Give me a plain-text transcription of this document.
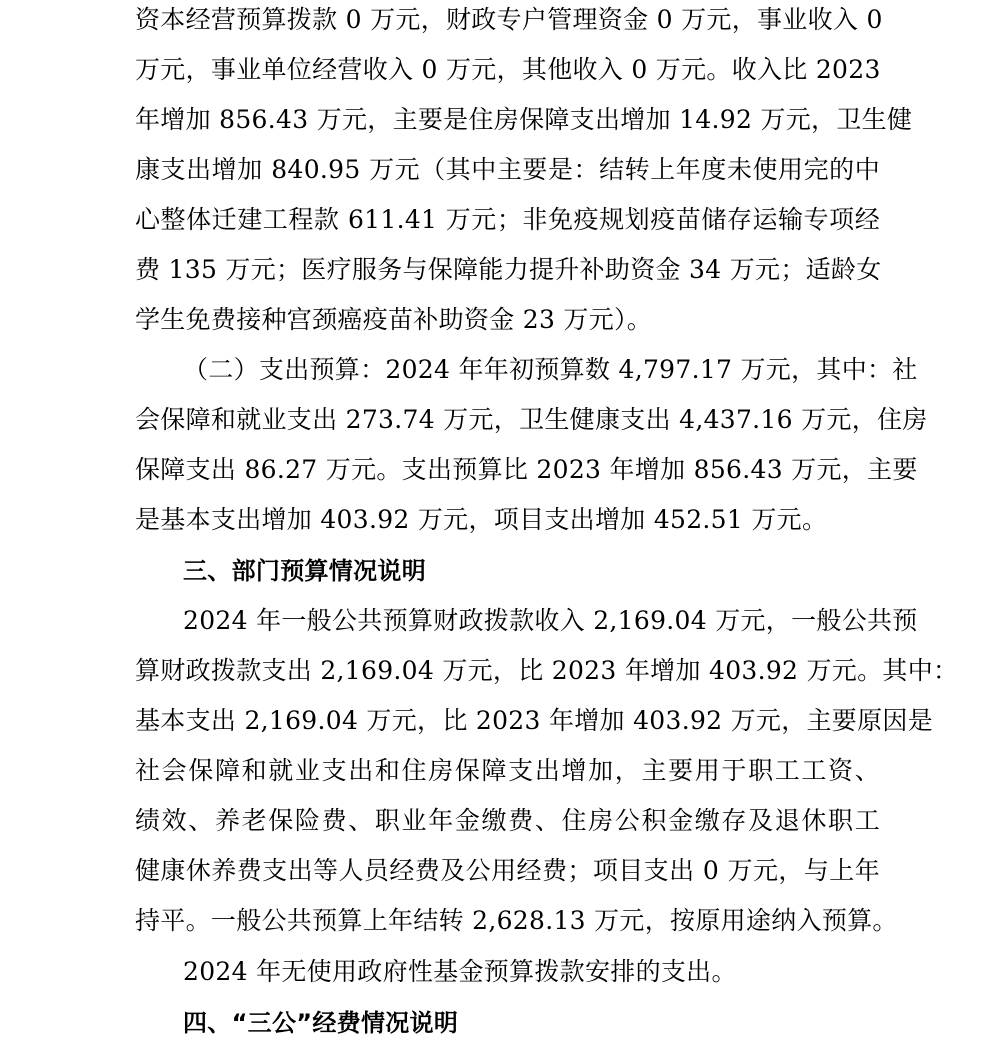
资本经营预算拨款 0 万元，财政专户管理资金 0 万元，事业收入 0
万元，事业单位经营收入 0 万元，其他收入 0 万元。收入比 2023
年增加 856.43 万元，主要是住房保障支出增加 14.92 万元，卫生健
康支出增加 840.95 万元（其中主要是：结转上年度未使用完的中
心整体迁建工程款 611.41 万元；非免疫规划疫苗储存运输专项经
费 135 万元；医疗服务与保障能力提升补助资金 34 万元；适龄女
学生免费接种宫颈癌疫苗补助资金 23 万元）。
（二）支出预算：2024 年年初预算数 4,797.17 万元，其中：社
会保障和就业支出 273.74 万元，卫生健康支出 4,437.16 万元，住房
保障支出 86.27 万元。支出预算比 2023 年增加 856.43 万元，主要
是基本支出增加 403.92 万元，项目支出增加 452.51 万元。
三、部门预算情况说明
2024 年一般公共预算财政拨款收入 2,169.04 万元，一般公共预
算财政拨款支出 2,169.04 万元，比 2023 年增加 403.92 万元。其中：
基本支出 2,169.04 万元，比 2023 年增加 403.92 万元，主要原因是
社会保障和就业支出和住房保障支出增加，主要用于职工工资、
绩效、养老保险费、职业年金缴费、住房公积金缴存及退休职工
健康休养费支出等人员经费及公用经费；项目支出 0 万元，与上年
持平。一般公共预算上年结转 2,628.13 万元，按原用途纳入预算。
2024 年无使用政府性基金预算拨款安排的支出。
四、“三公”经费情况说明
